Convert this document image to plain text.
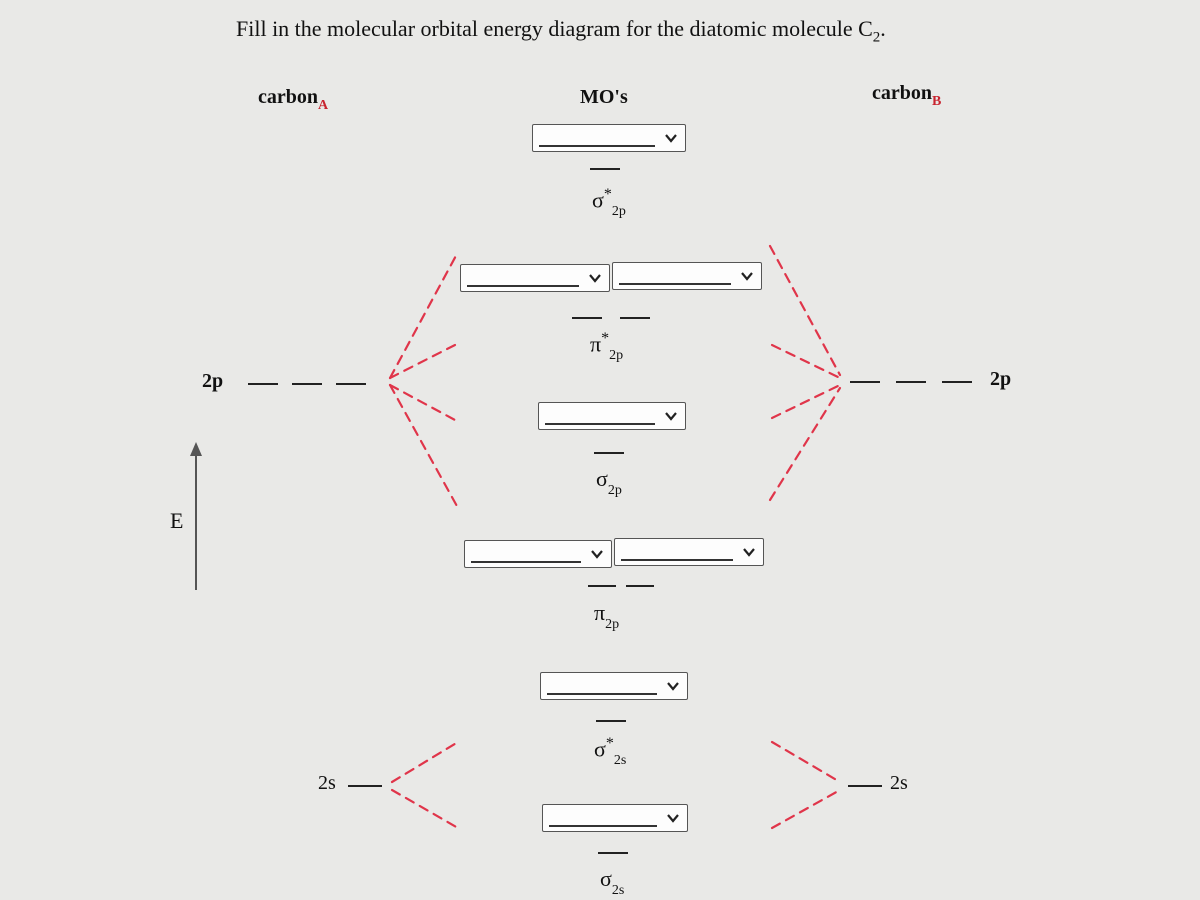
Fill in the molecular orbital energy diagram for the diatomic molecule $C_2$.
carbon$_A$	MO's	carbon$_B$
E
2p	2p
2s	2s
$\sigma^*_{2p}$
$\pi^*_{2p}$
$\sigma_{2p}$
$\pi_{2p}$
$\sigma^*_{2s}$
$\sigma_{2s}$
